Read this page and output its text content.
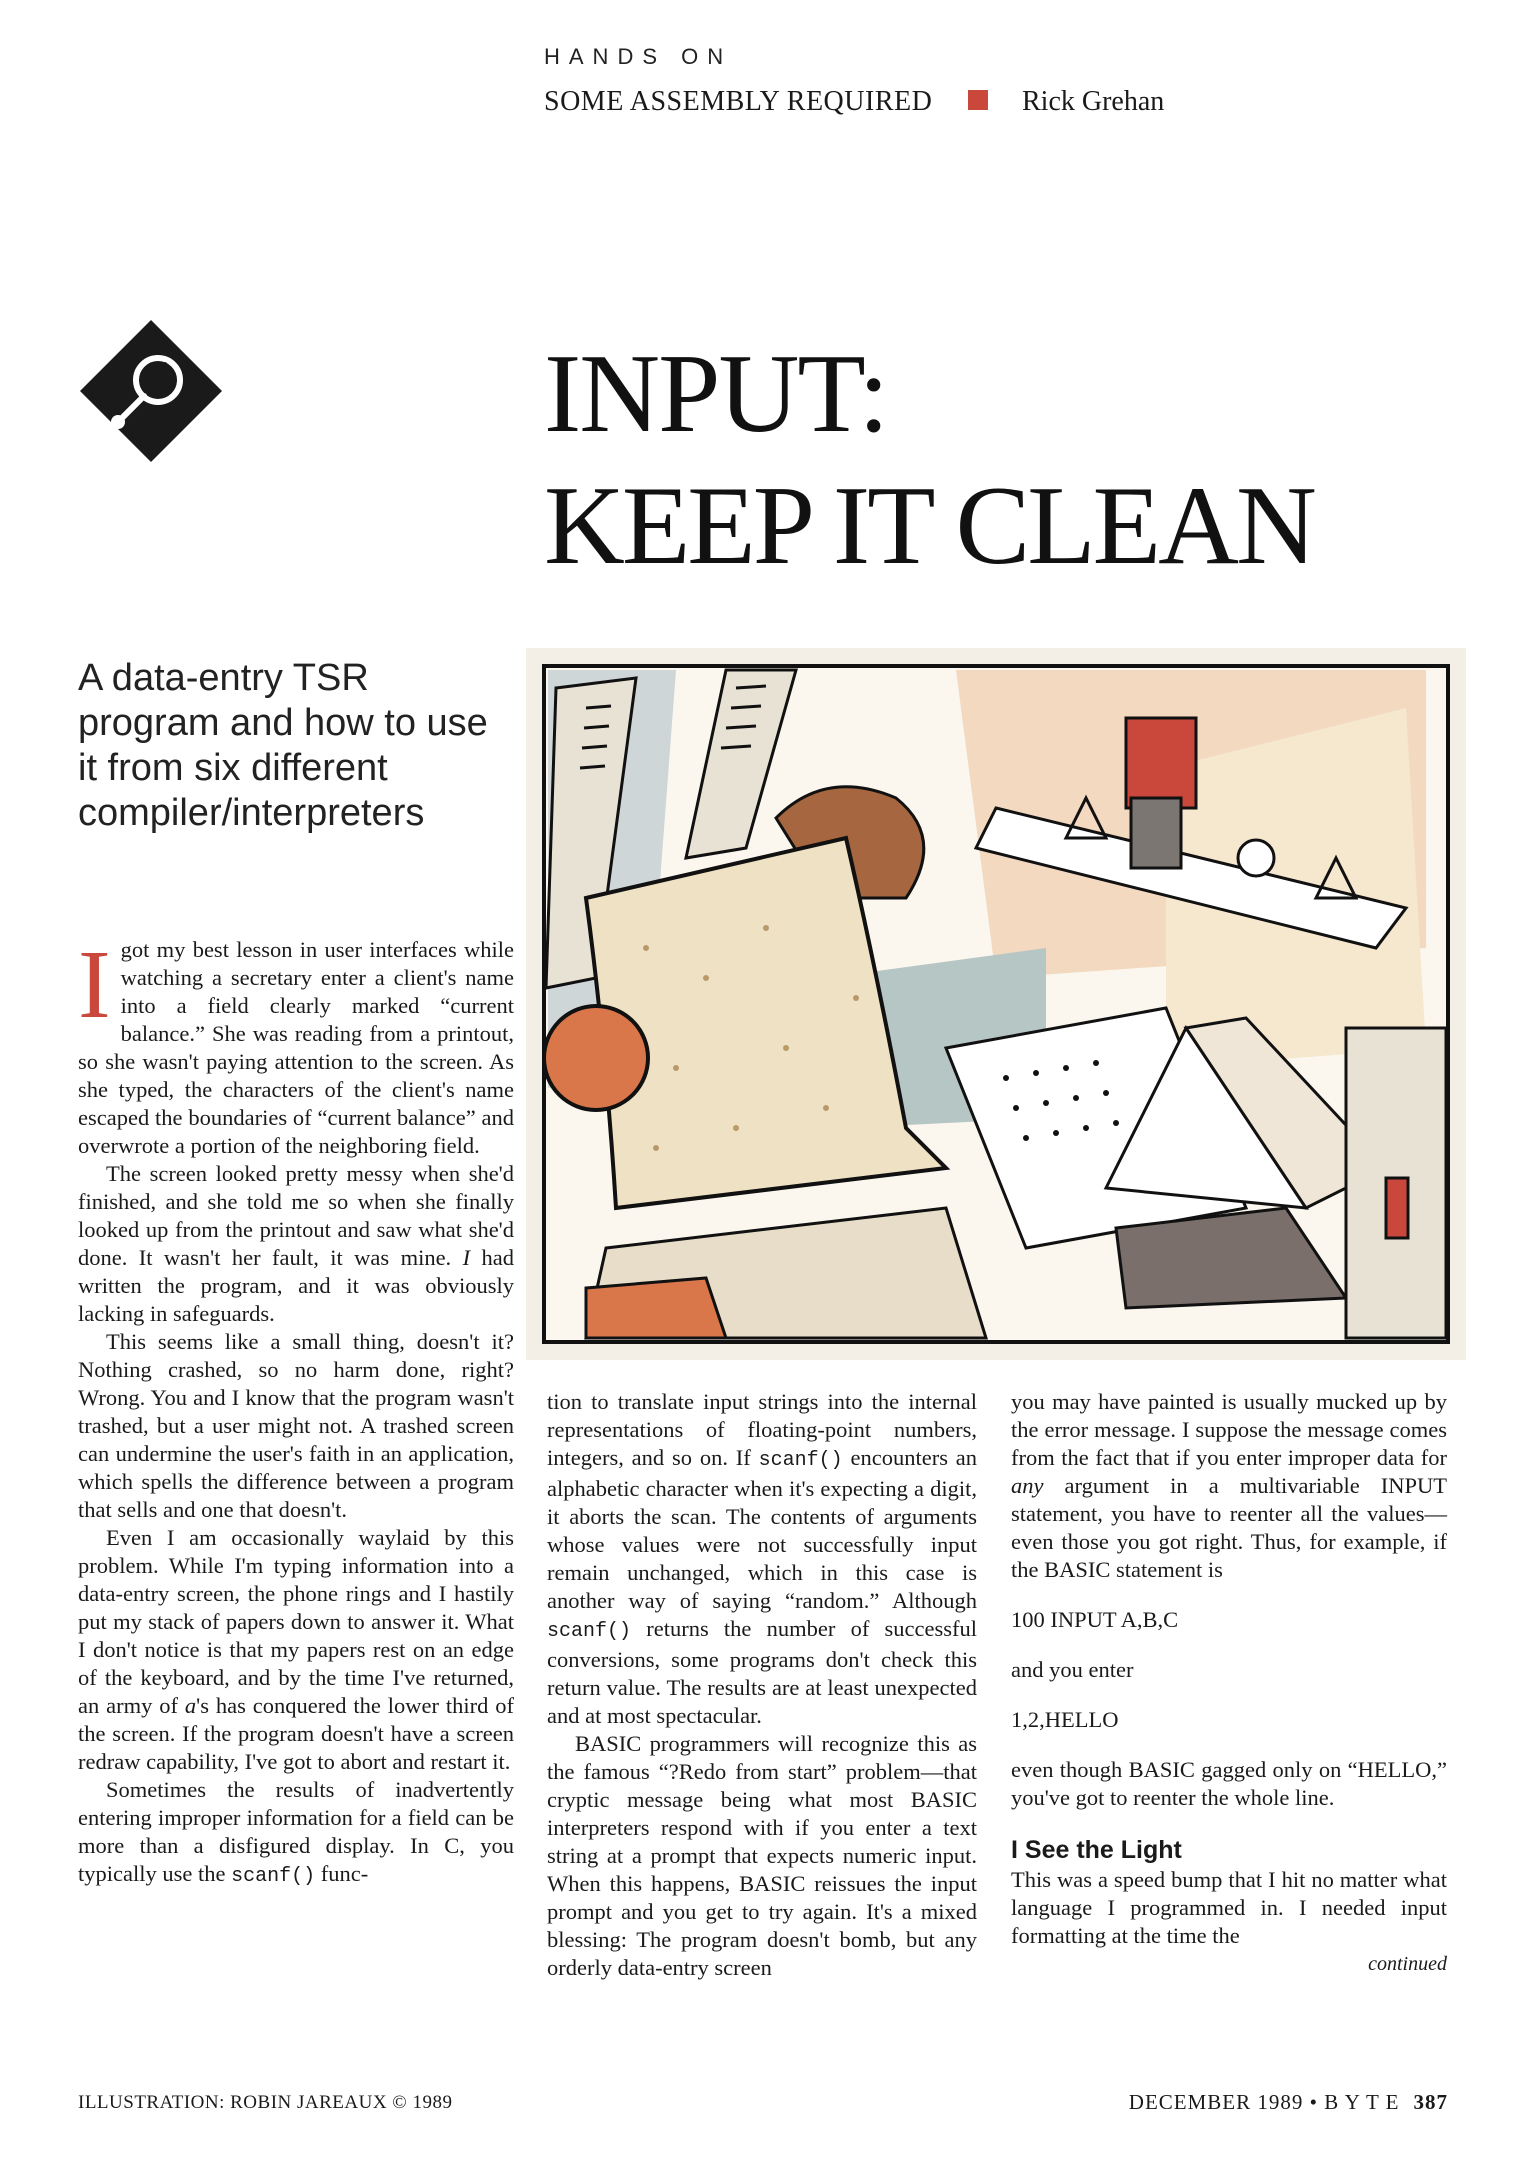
HANDS ON
SOME ASSEMBLY REQUIRED	Rick Grehan
INPUT:
KEEP IT CLEAN
A data-entry TSR program and how to use it from six different compiler/interpreters

Igot my best lesson in user interfaces while watching a secretary enter a client's name into a field clearly marked “current balance.” She was reading from a printout, so she wasn't paying attention to the screen. As she typed, the characters of the client's name escaped the boundaries of “current balance” and overwrote a portion of the neighboring field.

The screen looked pretty messy when she'd finished, and she told me so when she finally looked up from the printout and saw what she'd done. It wasn't her fault, it was mine. I had written the program, and it was obviously lacking in safeguards.

This seems like a small thing, doesn't it? Nothing crashed, so no harm done, right? Wrong. You and I know that the program wasn't trashed, but a user might not. A trashed screen can undermine the user's faith in an application, which spells the difference between a program that sells and one that doesn't.

Even I am occasionally waylaid by this problem. While I'm typing information into a data-entry screen, the phone rings and I hastily put my stack of papers down to answer it. What I don't notice is that my papers rest on an edge of the keyboard, and by the time I've returned, an army of a's has conquered the lower third of the screen. If the program doesn't have a screen redraw capability, I've got to abort and restart it.

Sometimes the results of inadvertently entering improper information for a field can be more than a disfigured display. In C, you typically use the scanf() func-

tion to translate input strings into the internal representations of floating-point numbers, integers, and so on. If scanf() encounters an alphabetic character when it's expecting a digit, it aborts the scan. The contents of arguments whose values were not successfully input remain unchanged, which in this case is another way of saying “random.” Although scanf() returns the number of successful conversions, some programs don't check this return value. The results are at least unexpected and at most spectacular.

BASIC programmers will recognize this as the famous “?Redo from start” problem—that cryptic message being what most BASIC interpreters respond with if you enter a text string at a prompt that expects numeric input. When this happens, BASIC reissues the input prompt and you get to try again. It's a mixed blessing: The program doesn't bomb, but any orderly data-entry screen

you may have painted is usually mucked up by the error message. I suppose the message comes from the fact that if you enter improper data for any argument in a multivariable INPUT statement, you have to reenter all the values—even those you got right. Thus, for example, if the BASIC statement is

100 INPUT A,B,C

and you enter

1,2,HELLO

even though BASIC gagged only on “HELLO,” you've got to reenter the whole line.

I See the Light

This was a speed bump that I hit no matter what language I programmed in. I needed input formatting at the time the

continued

ILLUSTRATION: ROBIN JAREAUX © 1989	DECEMBER 1989 • B Y T E 387
